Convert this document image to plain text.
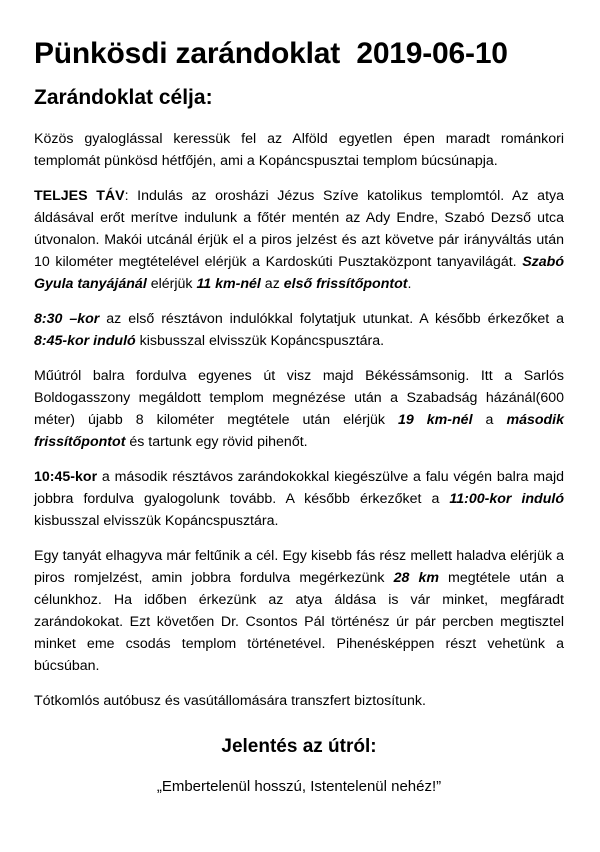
Pünkösdi zarándoklat  2019-06-10
Zarándoklat célja:

Közös gyaloglással keressük fel az Alföld egyetlen épen maradt románkori templomát pünkösd hétfőjén, ami a Kopáncspusztai templom búcsúnapja.

TELJES TÁV: Indulás az orosházi Jézus Szíve katolikus templomtól. Az atya áldásával erőt merítve indulunk a főtér mentén az Ady Endre, Szabó Dezső utca útvonalon. Makói utcánál érjük el a piros jelzést és azt követve pár irányváltás után 10 kilométer megtételével elérjük a Kardoskúti Pusztaközpont tanyavilágát. Szabó Gyula tanyájánál elérjük 11 km-nél az első frissítőpontot.

8:30 –kor az első résztávon indulókkal folytatjuk utunkat. A később érkezőket a 8:45-kor induló kisbusszal elvisszük Kopáncspusztára.

Műútról balra fordulva egyenes út visz majd Békéssámsonig. Itt a Sarlós Boldogasszony megáldott templom megnézése után a Szabadság házánál(600 méter) újabb 8 kilométer megtétele után elérjük 19 km-nél a második frissítőpontot és tartunk egy rövid pihenőt.

10:45-kor a második résztávos zarándokokkal kiegészülve a falu végén balra majd jobbra fordulva gyalogolunk tovább. A később érkezőket a 11:00-kor induló kisbusszal elvisszük Kopáncspusztára.

Egy tanyát elhagyva már feltűnik a cél. Egy kisebb fás rész mellett haladva elérjük a piros romjelzést, amin jobbra fordulva megérkezünk 28 km megtétele után a célunkhoz. Ha időben érkezünk az atya áldása is vár minket, megfáradt zarándokokat. Ezt követően Dr. Csontos Pál történész úr pár percben megtisztel minket eme csodás templom történetével. Pihenésképpen részt vehetünk a búcsúban.

Tótkomlós autóbusz és vasútállomására transzfert biztosítunk.

Jelentés az útról:
„Embertelenül hosszú, Istentelenül nehéz!”
